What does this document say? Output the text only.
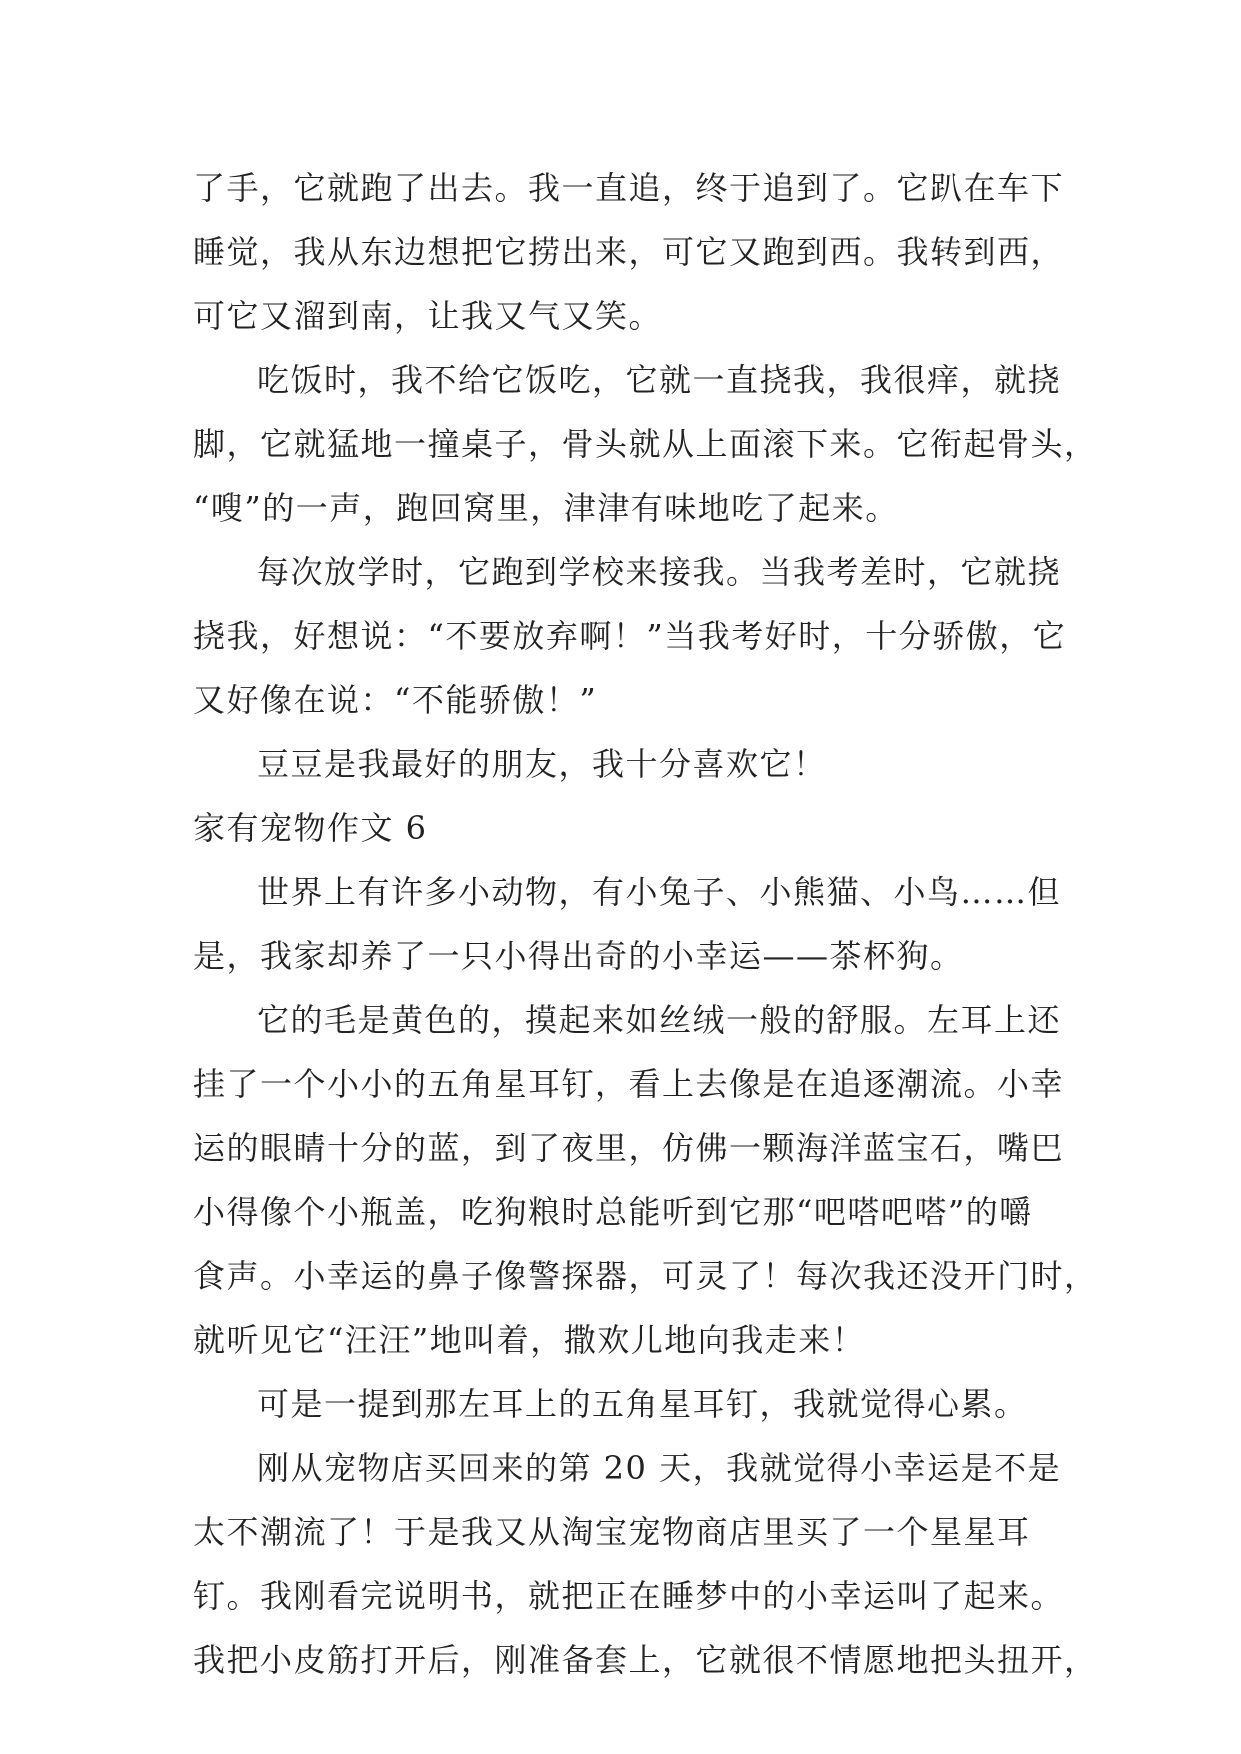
了手，它就跑了出去。我一直追，终于追到了。它趴在车下
睡觉，我从东边想把它捞出来，可它又跑到西。我转到西，
可它又溜到南，让我又气又笑。
吃饭时，我不给它饭吃，它就一直挠我，我很痒，就挠
脚，它就猛地一撞桌子，骨头就从上面滚下来。它衔起骨头，
“嗖”的一声，跑回窝里，津津有味地吃了起来。
每次放学时，它跑到学校来接我。当我考差时，它就挠
挠我，好想说：“不要放弃啊！”当我考好时，十分骄傲，它
又好像在说：“不能骄傲！”
豆豆是我最好的朋友，我十分喜欢它！
家有宠物作文 6
世界上有许多小动物，有小兔子、小熊猫、小鸟……但
是，我家却养了一只小得出奇的小幸运——茶杯狗。
它的毛是黄色的，摸起来如丝绒一般的舒服。左耳上还
挂了一个小小的五角星耳钉，看上去像是在追逐潮流。小幸
运的眼睛十分的蓝，到了夜里，仿佛一颗海洋蓝宝石，嘴巴
小得像个小瓶盖，吃狗粮时总能听到它那“吧嗒吧嗒”的嚼
食声。小幸运的鼻子像警探器，可灵了！每次我还没开门时，
就听见它“汪汪”地叫着，撒欢儿地向我走来！
可是一提到那左耳上的五角星耳钉，我就觉得心累。
刚从宠物店买回来的第 20 天，我就觉得小幸运是不是
太不潮流了！于是我又从淘宝宠物商店里买了一个星星耳
钉。我刚看完说明书，就把正在睡梦中的小幸运叫了起来。
我把小皮筋打开后，刚准备套上，它就很不情愿地把头扭开，
